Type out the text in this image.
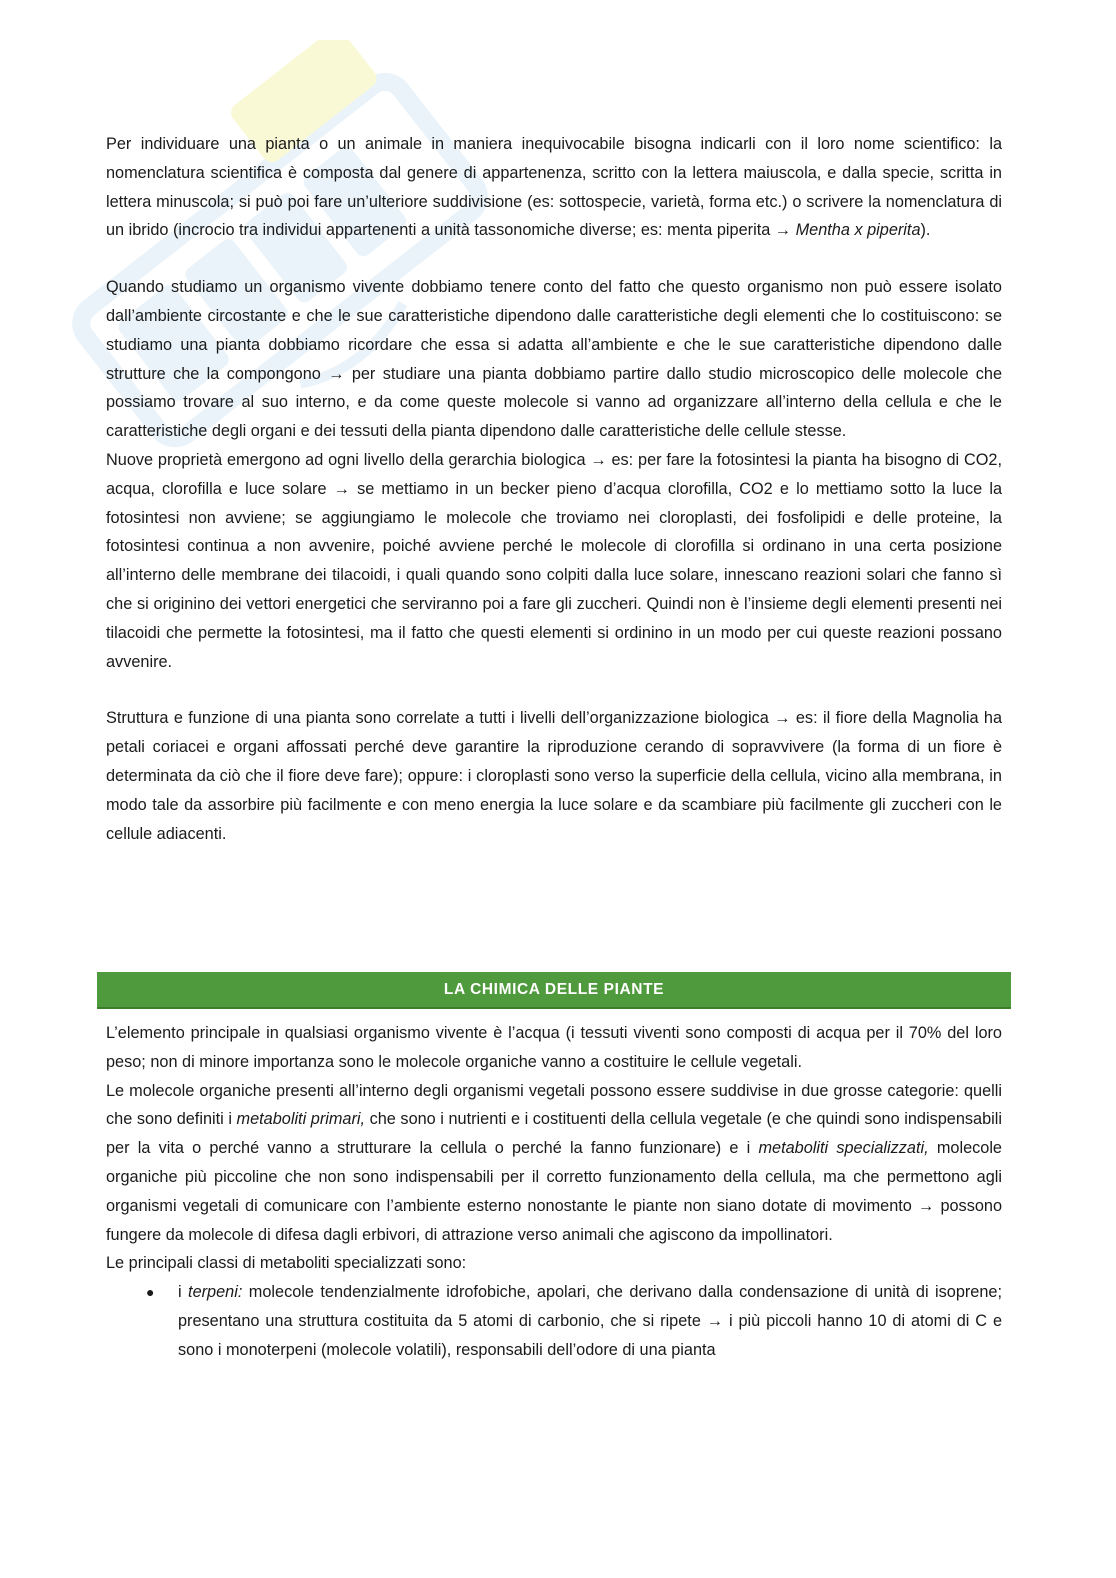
Per individuare una pianta o un animale in maniera inequivocabile bisogna indicarli con il loro nome scientifico: la nomenclatura scientifica è composta dal genere di appartenenza, scritto con la lettera maiuscola, e dalla specie, scritta in lettera minuscola; si può poi fare un’ulteriore suddivisione (es: sottospecie, varietà, forma etc.) o scrivere la nomenclatura di un ibrido (incrocio tra individui appartenenti a unità tassonomiche diverse; es: menta piperita → Mentha x piperita).

Quando studiamo un organismo vivente dobbiamo tenere conto del fatto che questo organismo non può essere isolato dall’ambiente circostante e che le sue caratteristiche dipendono dalle caratteristiche degli elementi che lo costituiscono: se studiamo una pianta dobbiamo ricordare che essa si adatta all’ambiente e che le sue caratteristiche dipendono dalle strutture che la compongono → per studiare una pianta dobbiamo partire dallo studio microscopico delle molecole che possiamo trovare al suo interno, e da come queste molecole si vanno ad organizzare all’interno della cellula e che le caratteristiche degli organi e dei tessuti della pianta dipendono dalle caratteristiche delle cellule stesse.

Nuove proprietà emergono ad ogni livello della gerarchia biologica → es: per fare la fotosintesi la pianta ha bisogno di CO2, acqua, clorofilla e luce solare → se mettiamo in un becker pieno d’acqua clorofilla, CO2 e lo mettiamo sotto la luce la fotosintesi non avviene; se aggiungiamo le molecole che troviamo nei cloroplasti, dei fosfolipidi e delle proteine, la fotosintesi continua a non avvenire, poiché avviene perché le molecole di clorofilla si ordinano in una certa posizione all’interno delle membrane dei tilacoidi, i quali quando sono colpiti dalla luce solare, innescano reazioni solari che fanno sì che si originino dei vettori energetici che serviranno poi a fare gli zuccheri. Quindi non è l’insieme degli elementi presenti nei tilacoidi che permette la fotosintesi, ma il fatto che questi elementi si ordinino in un modo per cui queste reazioni possano avvenire.

Struttura e funzione di una pianta sono correlate a tutti i livelli dell’organizzazione biologica → es: il fiore della Magnolia ha petali coriacei e organi affossati perché deve garantire la riproduzione cerando di sopravvivere (la forma di un fiore è determinata da ciò che il fiore deve fare); oppure: i cloroplasti sono verso la superficie della cellula, vicino alla membrana, in modo tale da assorbire più facilmente e con meno energia la luce solare e da scambiare più facilmente gli zuccheri con le cellule adiacenti.

LA CHIMICA DELLE PIANTE

L’elemento principale in qualsiasi organismo vivente è l’acqua (i tessuti viventi sono composti di acqua per il 70% del loro peso; non di minore importanza sono le molecole organiche vanno a costituire le cellule vegetali.

Le molecole organiche presenti all’interno degli organismi vegetali possono essere suddivise in due grosse categorie: quelli che sono definiti i metaboliti primari, che sono i nutrienti e i costituenti della cellula vegetale (e che quindi sono indispensabili per la vita o perché vanno a strutturare la cellula o perché la fanno funzionare) e i metaboliti specializzati, molecole organiche più piccoline che non sono indispensabili per il corretto funzionamento della cellula, ma che permettono agli organismi vegetali di comunicare con l’ambiente esterno nonostante le piante non siano dotate di movimento → possono fungere da molecole di difesa dagli erbivori, di attrazione verso animali che agiscono da impollinatori.

Le principali classi di metaboliti specializzati sono:

● i terpeni: molecole tendenzialmente idrofobiche, apolari, che derivano dalla condensazione di unità di isoprene; presentano una struttura costituita da 5 atomi di carbonio, che si ripete → i più piccoli hanno 10 di atomi di C e sono i monoterpeni (molecole volatili), responsabili dell’odore di una pianta
